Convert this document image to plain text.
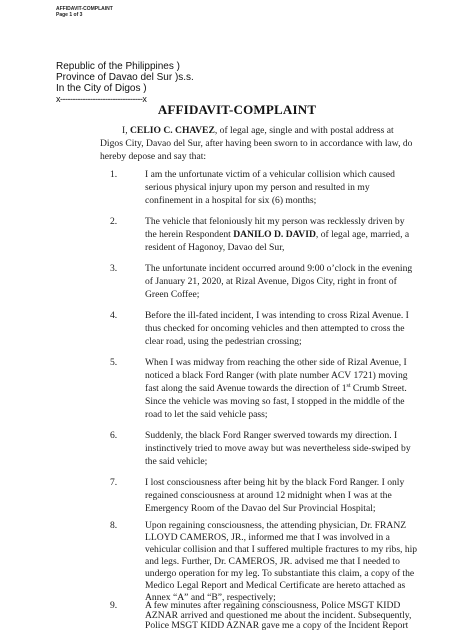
AFFIDAVIT-COMPLAINT
Page 1 of 3
Republic of the Philippines )
Province of Davao del Sur )s.s.
In the City of Digos )
x---------------------------------x
AFFIDAVIT-COMPLAINT
I, CELIO C. CHAVEZ, of legal age, single and with postal address at
Digos City, Davao del Sur, after having been sworn to in accordance with law, do
hereby depose and say that:
1.	I am the unfortunate victim of a vehicular collision which caused
serious physical injury upon my person and resulted in my
confinement in a hospital for six (6) months;
2.	The vehicle that feloniously hit my person was recklessly driven by
the herein Respondent DANILO D. DAVID, of legal age, married, a
resident of Hagonoy, Davao del Sur,
3.	The unfortunate incident occurred around 9:00 o’clock in the evening
of January 21, 2020, at Rizal Avenue, Digos City, right in front of
Green Coffee;
4.	Before the ill-fated incident, I was intending to cross Rizal Avenue. I
thus checked for oncoming vehicles and then attempted to cross the
clear road, using the pedestrian crossing;
5.	When I was midway from reaching the other side of Rizal Avenue, I
noticed a black Ford Ranger (with plate number ACV 1721) moving
fast along the said Avenue towards the direction of 1st Crumb Street.
Since the vehicle was moving so fast, I stopped in the middle of the
road to let the said vehicle pass;
6.	Suddenly, the black Ford Ranger swerved towards my direction. I
instinctively tried to move away but was nevertheless side-swiped by
the said vehicle;
7.	I lost consciousness after being hit by the black Ford Ranger. I only
regained consciousness at around 12 midnight when I was at the
Emergency Room of the Davao del Sur Provincial Hospital;
8.	Upon regaining consciousness, the attending physician, Dr. FRANZ
LLOYD CAMEROS, JR., informed me that I was involved in a
vehicular collision and that I suffered multiple fractures to my ribs, hip
and legs. Further, Dr. CAMEROS, JR. advised me that I needed to
undergo operation for my leg. To substantiate this claim, a copy of the
Medico Legal Report and Medical Certificate are hereto attached as
Annex “A” and “B”, respectively;
9.	A few minutes after regaining consciousness, Police MSGT KIDD
AZNAR arrived and questioned me about the incident. Subsequently,
Police MSGT KIDD AZNAR gave me a copy of the Incident Report
